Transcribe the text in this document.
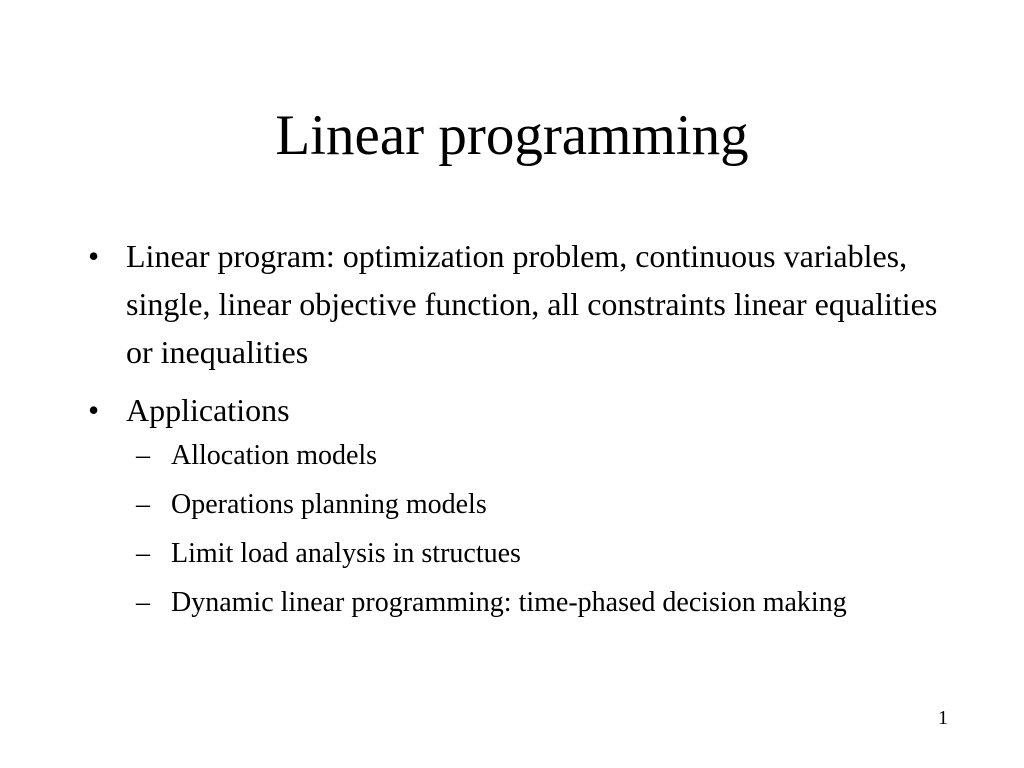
Linear programming
• Linear program: optimization problem, continuous variables, single, linear objective function, all constraints linear equalities or inequalities
• Applications
– Allocation models
– Operations planning models
– Limit load analysis in structues
– Dynamic linear programming: time-phased decision making
1
